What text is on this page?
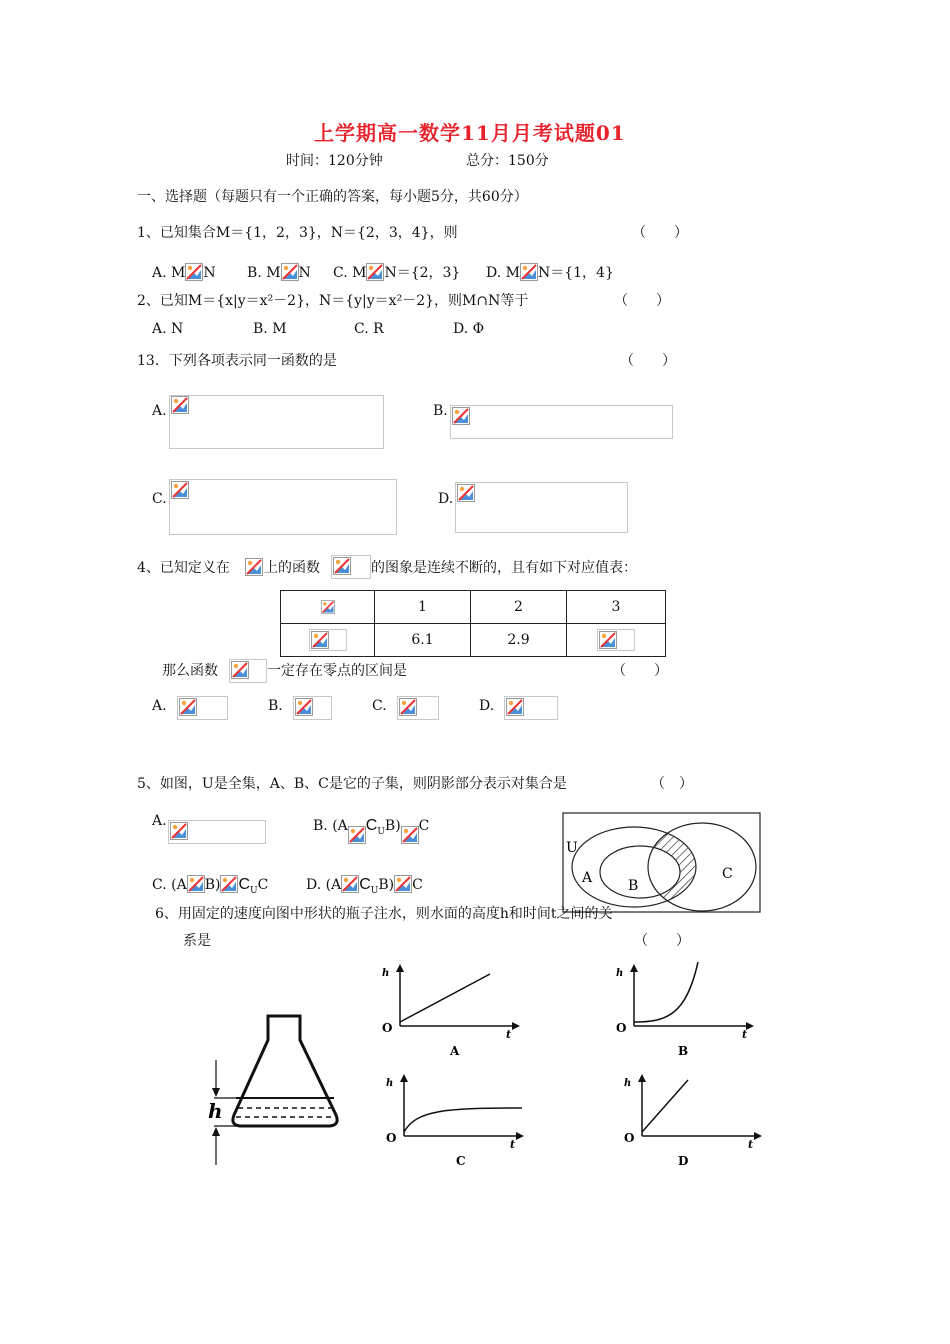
上学期高一数学11月月考试题01
时间：120分钟	总分：150分
一、选择题（每题只有一个正确的答案，每小题5分，共60分）
1、已知集合M＝{1，2，3}，N＝{2，3，4}，则	（　　）
A. M N B. M N C. M N＝{2，3} D. M N＝{1，4}
2、已知M＝{x|y＝x²－2}，N＝{y|y＝x²－2}，则M∩N等于	（　　）
A. N	B. M	C. R	D. Φ
13．下列各项表示同一函数的是	（　　）
A.	B.
C.	D.
4、已知定义在 上的函数	的图象是连续不断的，且有如下对应值表：
	1	2	3

	6.1	2.9	
那么函数	一定存在零点的区间是	（　　）
A.	B.	C.	D.
5、如图，U是全集，A、B、C是它的子集，则阴影部分表示对集合是	（　）
A.	B. (A $C_UB$) C
C. (A B) $C_UC$	D. (A $C_UB$) C
U
A	B
C
6、用固定的速度向图中形状的瓶子注水，则水面的高度h和时间t之间的关
系是	（　　）
h
h
t
O
A
h
t
O
B
h
t
O
C
h
t
O
D
